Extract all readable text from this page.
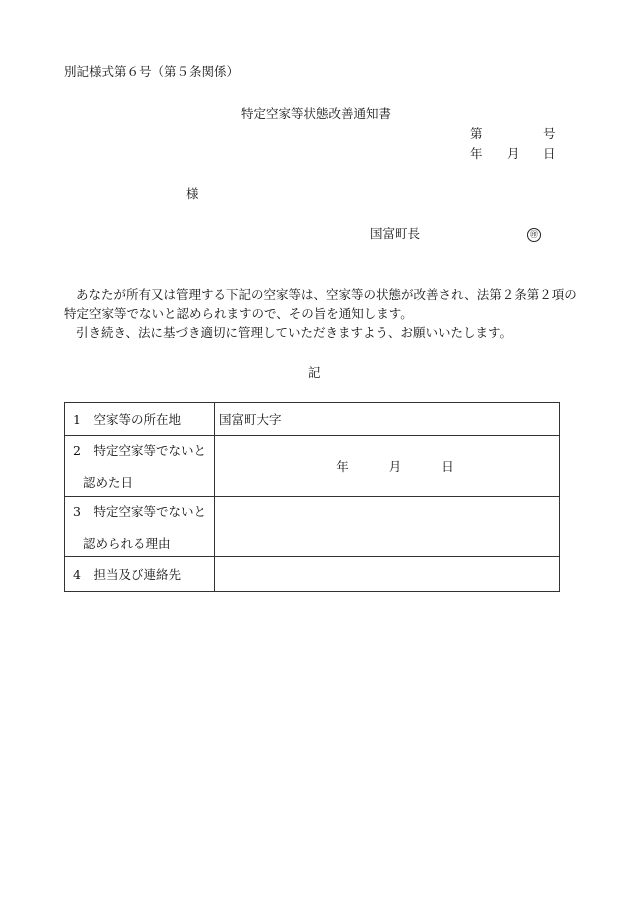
別記様式第６号（第５条関係）
特定空家等状態改善通知書
第	号
年 月 日
様
国富町長	㊞
あなたが所有又は管理する下記の空家等は、空家等の状態が改善され、法第２条第２項の
特定空家等でないと認められますので、その旨を通知します。
引き続き、法に基づき適切に管理していただきますよう、お願いいたします。
記
1　空家等の所在地	国富町大字

2　特定空家等でないと
認めた日	年 月 日

3　特定空家等でないと
認められる理由	

4　担当及び連絡先	
